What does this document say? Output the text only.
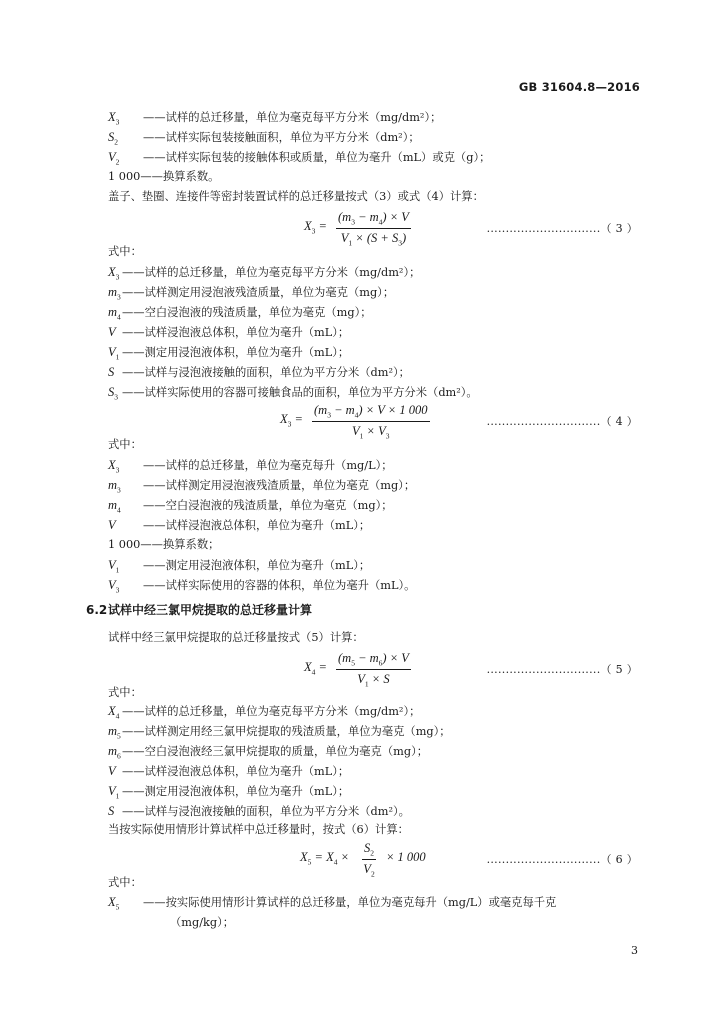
GB 31604.8—2016
$X_3$ ——试样的总迁移量，单位为毫克每平方分米（mg/dm²）；
$S_2$ ——试样实际包装接触面积，单位为平方分米（dm²）；
$V_2$ ——试样实际包装的接触体积或质量，单位为毫升（mL）或克（g）；
1 000——换算系数。
盖子、垫圈、连接件等密封装置试样的总迁移量按式（3）或式（4）计算：
$X_3 = \frac{(m_3 - m_4) \times V}{V_1 \times (S + S_3)}$	..............................（ 3 ）
式中：
$X_3$ ——试样的总迁移量，单位为毫克每平方分米（mg/dm²）；
$m_3——$试样测定用浸泡液残渣质量，单位为毫克（mg）；
$m_4——$空白浸泡液的残渣质量，单位为毫克（mg）；
V ——试样浸泡液总体积，单位为毫升（mL）；
$V_1$ ——测定用浸泡液体积，单位为毫升（mL）；
S ——试样与浸泡液接触的面积，单位为平方分米（dm²）；
$S_3$ ——试样实际使用的容器可接触食品的面积，单位为平方分米（dm²）。
$X_3 = \frac{(m_3 - m_4) \times V \times 1 000}{V_1 \times V_3}$	..............................（ 4 ）
式中：
$X_3$ ——试样的总迁移量，单位为毫克每升（mg/L）；
$m_3$ ——试样测定用浸泡液残渣质量，单位为毫克（mg）；
$m_4$ ——空白浸泡液的残渣质量，单位为毫克（mg）；
V ——试样浸泡液总体积，单位为毫升（mL）；
1 000——换算系数；
$V_1$ ——测定用浸泡液体积，单位为毫升（mL）；
$V_3$ ——试样实际使用的容器的体积，单位为毫升（mL）。
6.2试样中经三氯甲烷提取的总迁移量计算
试样中经三氯甲烷提取的总迁移量按式（5）计算：
$X_4 = \frac{(m_5 - m_6) \times V}{V_1 \times S}$	..............................（ 5 ）
式中：
$X_4$ ——试样的总迁移量，单位为毫克每平方分米（mg/dm²）；
$m_5——$试样测定用经三氯甲烷提取的残渣质量，单位为毫克（mg）；
$m_6——$空白浸泡液经三氯甲烷提取的质量，单位为毫克（mg）；
V ——试样浸泡液总体积，单位为毫升（mL）；
$V_1$ ——测定用浸泡液体积，单位为毫升（mL）；
S ——试样与浸泡液接触的面积，单位为平方分米（dm²）。
当按实际使用情形计算试样中总迁移量时，按式（6）计算：
$X_5 = X_4 \times \frac{S_2}{V_2} \times 1$ 000	..............................（ 6 ）
式中：
$X_5$ ——按实际使用情形计算试样的总迁移量，单位为毫克每升（mg/L）或毫克每千克
（mg/kg）；
3
